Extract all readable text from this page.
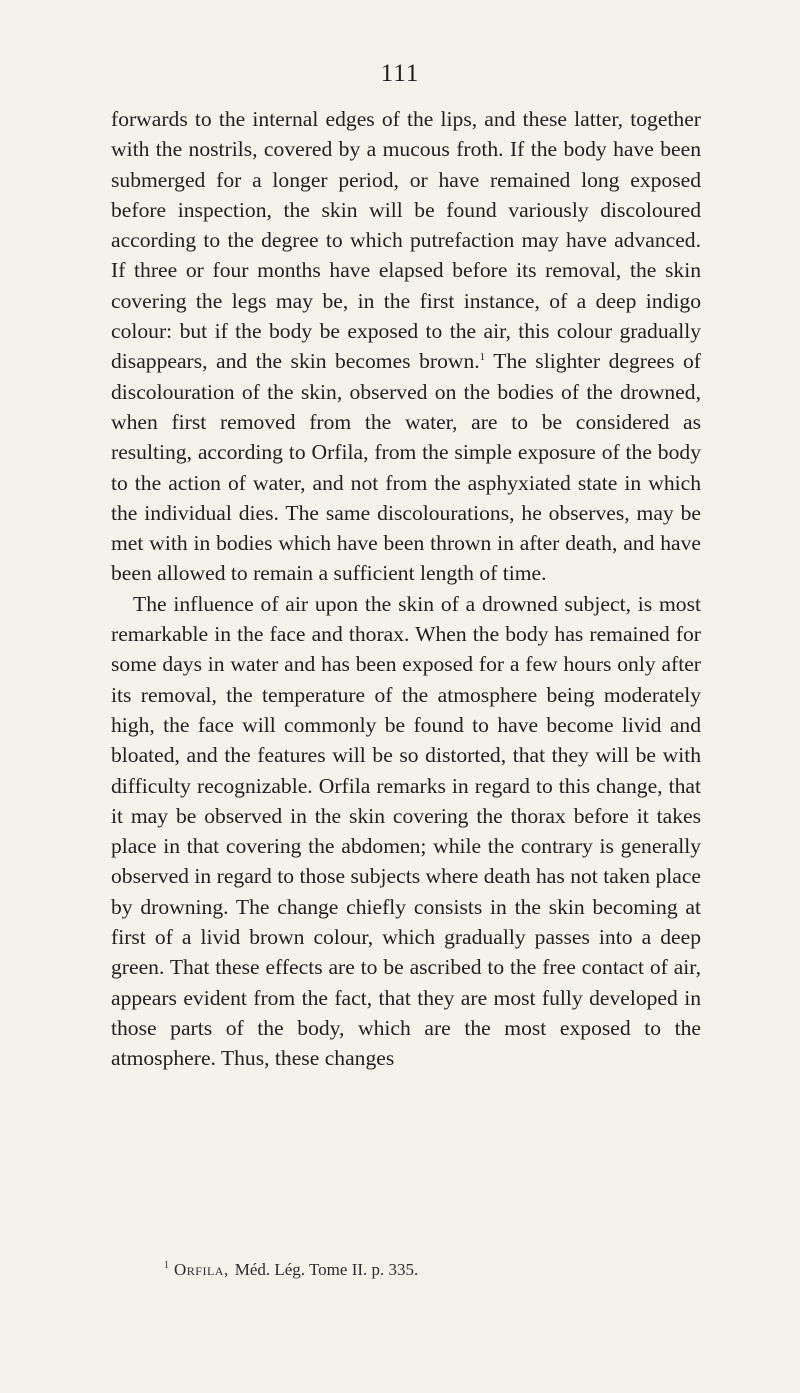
111

forwards to the internal edges of the lips, and these latter, together with the nostrils, covered by a mucous froth. If the body have been submerged for a longer period, or have remained long exposed before inspection, the skin will be found variously discoloured according to the degree to which putrefaction may have advanced. If three or four months have elapsed before its removal, the skin covering the legs may be, in the first instance, of a deep indigo colour: but if the body be exposed to the air, this colour gradually disappears, and the skin becomes brown.$^1$ The slighter degrees of discolouration of the skin, observed on the bodies of the drowned, when first removed from the water, are to be considered as resulting, according to Orfila, from the simple exposure of the body to the action of water, and not from the asphyxiated state in which the individual dies. The same discolourations, he observes, may be met with in bodies which have been thrown in after death, and have been allowed to remain a sufficient length of time.

The influence of air upon the skin of a drowned subject, is most remarkable in the face and thorax. When the body has remained for some days in water and has been exposed for a few hours only after its removal, the temperature of the atmosphere being moderately high, the face will commonly be found to have become livid and bloated, and the features will be so distorted, that they will be with difficulty recognizable. Orfila remarks in regard to this change, that it may be observed in the skin covering the thorax before it takes place in that covering the abdomen; while the contrary is generally observed in regard to those subjects where death has not taken place by drowning. The change chiefly consists in the skin becoming at first of a livid brown colour, which gradually passes into a deep green. That these effects are to be ascribed to the free contact of air, appears evident from the fact, that they are most fully developed in those parts of the body, which are the most exposed to the atmosphere. Thus, these changes

$^1$ Orfila, Méd. Lég. Tome II. p. 335.
